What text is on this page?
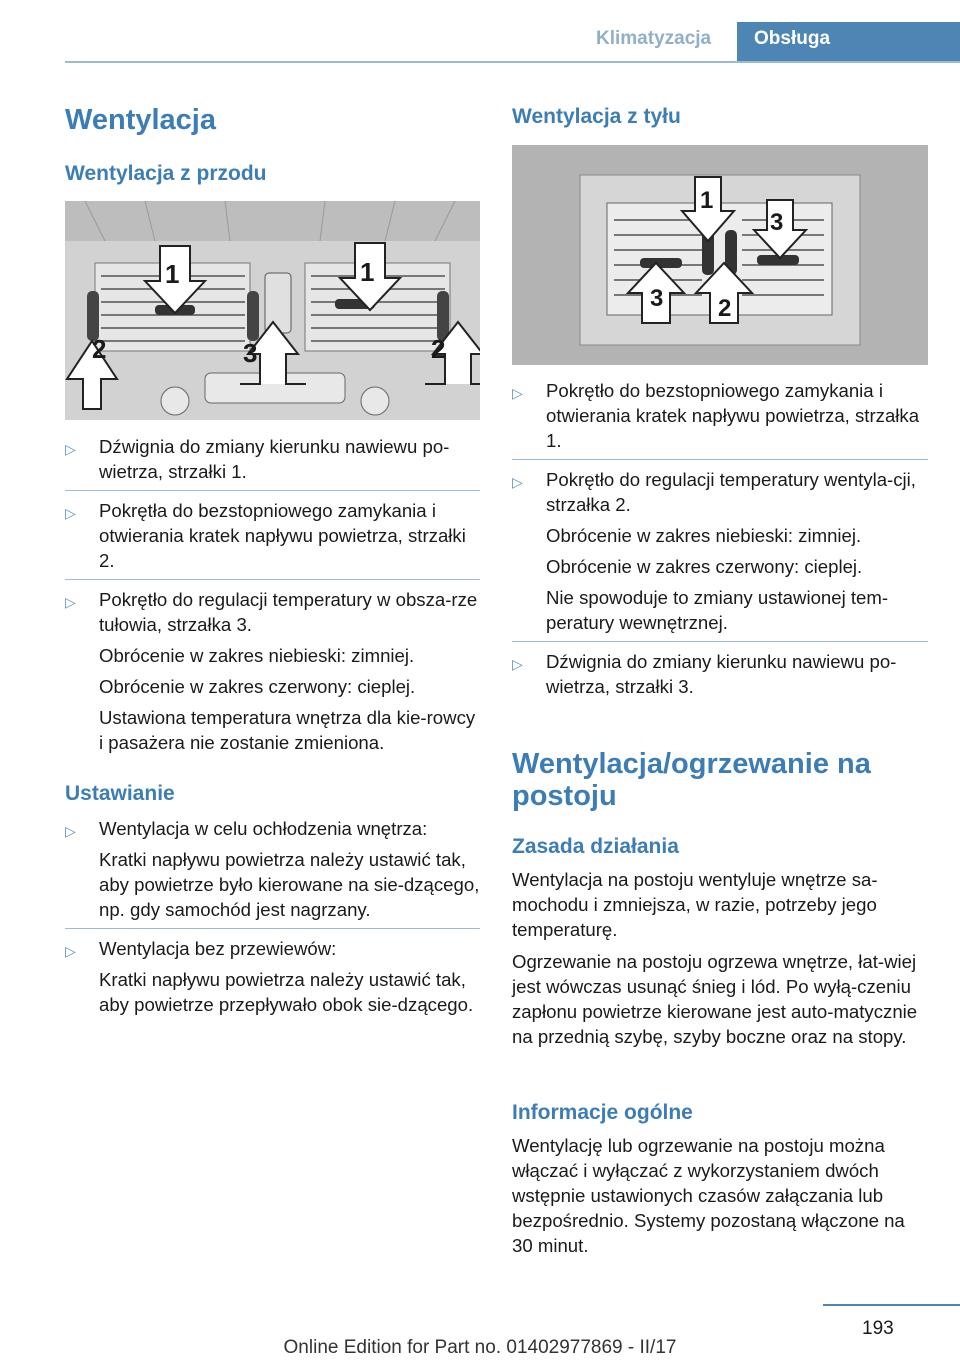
Klimatyzacja	Obsługa
Wentylacja
Wentylacja z przodu
1	1
2	3	2
▷ Dźwignia do zmiany kierunku nawiewu po-wietrza, strzałki 1.

▷ Pokrętła do bezstopniowego zamykania i otwierania kratek napływu powietrza, strzałki 2.

▷ Pokrętło do regulacji temperatury w obsza-rze tułowia, strzałka 3.

Obrócenie w zakres niebieski: zimniej.

Obrócenie w zakres czerwony: cieplej.

Ustawiona temperatura wnętrza dla kie-rowcy i pasażera nie zostanie zmieniona.

Ustawianie
▷ Wentylacja w celu ochłodzenia wnętrza:

Kratki napływu powietrza należy ustawić tak, aby powietrze było kierowane na sie-dzącego, np. gdy samochód jest nagrzany.

▷ Wentylacja bez przewiewów:

Kratki napływu powietrza należy ustawić tak, aby powietrze przepływało obok sie-dzącego.

Wentylacja z tyłu
1
3
3 2
▷ Pokrętło do bezstopniowego zamykania i otwierania kratek napływu powietrza, strzałka 1.

▷ Pokrętło do regulacji temperatury wentyla-cji, strzałka 2.

Obrócenie w zakres niebieski: zimniej.

Obrócenie w zakres czerwony: cieplej.

Nie spowoduje to zmiany ustawionej tem-peratury wewnętrznej.

▷ Dźwignia do zmiany kierunku nawiewu po-wietrza, strzałki 3.

Wentylacja/ogrzewanie na postoju
Zasada działania

Wentylacja na postoju wentyluje wnętrze sa-mochodu i zmniejsza, w razie, potrzeby jego temperaturę.

Ogrzewanie na postoju ogrzewa wnętrze, łat-wiej jest wówczas usunąć śnieg i lód. Po wyłą-czeniu zapłonu powietrze kierowane jest auto-matycznie na przednią szybę, szyby boczne oraz na stopy.

Informacje ogólne

Wentylację lub ogrzewanie na postoju można włączać i wyłączać z wykorzystaniem dwóch wstępnie ustawionych czasów załączania lub bezpośrednio. Systemy pozostaną włączone na 30 minut.

193
Online Edition for Part no. 01402977869 - II/17
